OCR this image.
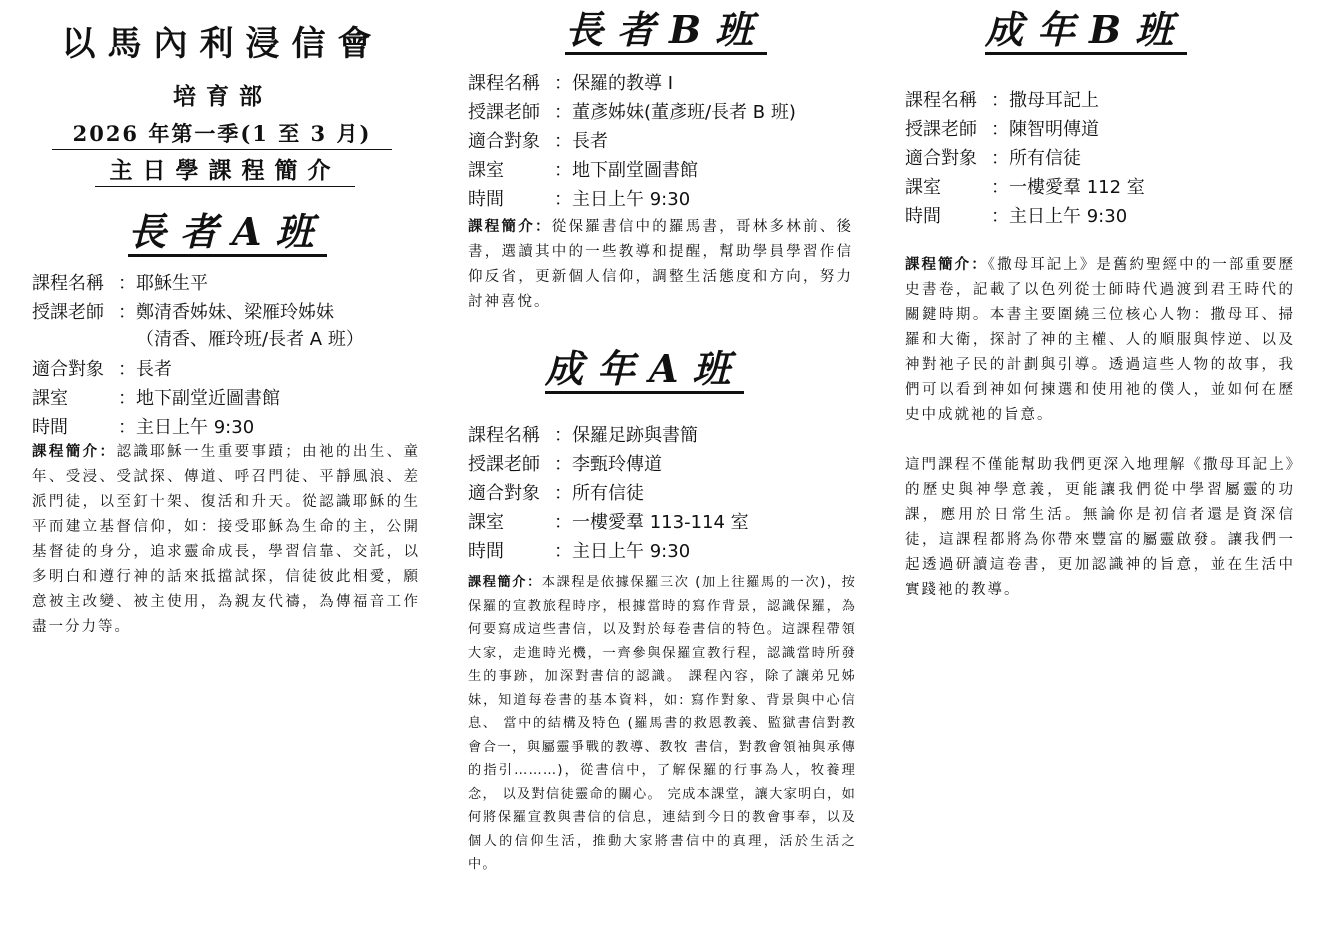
以馬內利浸信會
培育部
2026 年第一季(1 至 3 月)
主日學課程簡介
長者A班
課程名稱 ： 耶穌生平
授課老師 ： 鄭清香姊妹、梁雁玲姊妹
（清香、雁玲班/長者 A 班）
適合對象 ： 長者
課室	： 地下副堂近圖書館
時間	： 主日上午 9:30

課程簡介：認識耶穌一生重要事蹟；由祂的出生、童年、受浸、受試探、傳道、呼召門徒、平靜風浪、差派門徒，以至釘十架、復活和升天。從認識耶穌的生平而建立基督信仰，如：接受耶穌為生命的主，公開基督徒的身分，追求靈命成長，學習信靠、交託，以多明白和遵行神的話來抵擋試探，信徒彼此相愛，願意被主改變、被主使用，為親友代禱，為傳福音工作盡一分力等。

長者B班
課程名稱 ： 保羅的教導 I
授課老師 ： 董彥姊妹(董彥班/長者 B 班)
適合對象 ： 長者
課室	： 地下副堂圖書館
時間	： 主日上午 9:30

課程簡介：從保羅書信中的羅馬書，哥林多林前、後書，選讀其中的一些教導和提醒，幫助學員學習作信仰反省，更新個人信仰，調整生活態度和方向，努力討神喜悅。

成年A班
課程名稱 ： 保羅足跡與書簡
授課老師 ： 李甄玲傳道
適合對象 ： 所有信徒
課室	： 一樓愛羣 113-114 室
時間	： 主日上午 9:30

課程簡介：本課程是依據保羅三次 (加上往羅馬的一次)，按保羅的宣教旅程時序，根據當時的寫作背景，認識保羅，為何要寫成這些書信，以及對於每卷書信的特色。這課程帶領大家，走進時光機，一齊參與保羅宣教行程，認識當時所發生的事跡，加深對書信的認識。 課程內容，除了讓弟兄姊妹，知道每卷書的基本資料，如: 寫作對象、背景與中心信息、 當中的結構及特色 (羅馬書的救恩教義、監獄書信對教會合一，與屬靈爭戰的教導、教牧 書信，對教會領袖與承傳的指引………)，從書信中，了解保羅的行事為人，牧養理念， 以及對信徒靈命的關心。 完成本課堂，讓大家明白，如何將保羅宣教與書信的信息，連結到今日的教會事奉，以及 個人的信仰生活，推動大家將書信中的真理，活於生活之中。

成年B班
課程名稱 ： 撒母耳記上
授課老師 ： 陳智明傳道
適合對象 ： 所有信徒
課室	： 一樓愛羣 112 室
時間	： 主日上午 9:30

課程簡介：《撒母耳記上》是舊約聖經中的一部重要歷史書卷，記載了以色列從士師時代過渡到君王時代的關鍵時期。本書主要圍繞三位核心人物：撒母耳、掃羅和大衛，探討了神的主權、人的順服與悖逆、以及神對祂子民的計劃與引導。透過這些人物的故事，我們可以看到神如何揀選和使用祂的僕人，並如何在歷史中成就祂的旨意。

這門課程不僅能幫助我們更深入地理解《撒母耳記上》的歷史與神學意義，更能讓我們從中學習屬靈的功課，應用於日常生活。無論你是初信者還是資深信徒，這課程都將為你帶來豐富的屬靈啟發。讓我們一起透過研讀這卷書，更加認識神的旨意，並在生活中實踐祂的教導。
